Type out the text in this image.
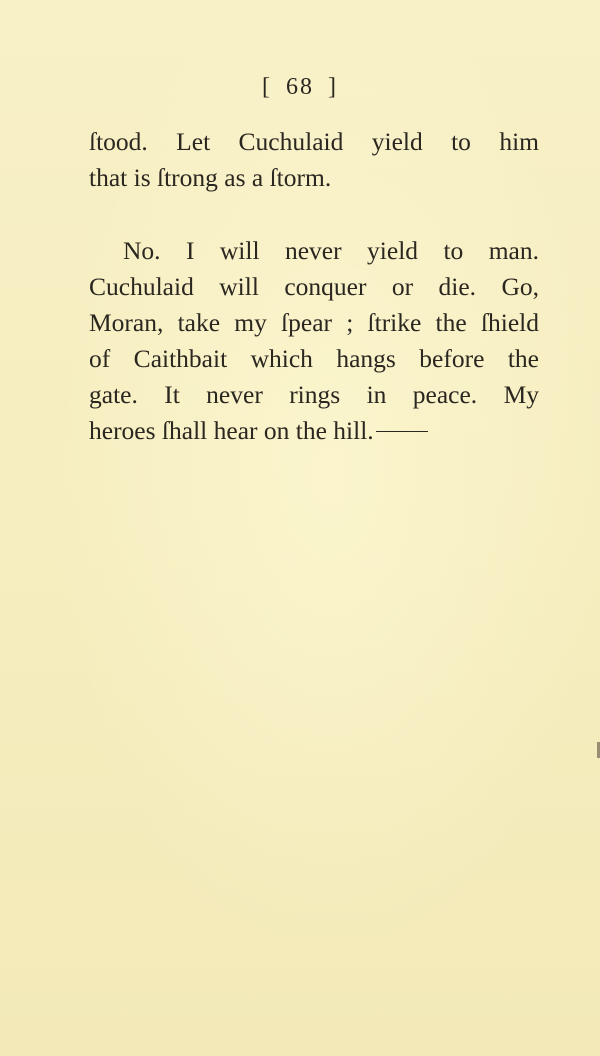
[ 68 ]
ſtood. Let Cuchulaid yield to him
that is ſtrong as a ſtorm.
No. I will never yield to man.
Cuchulaid will conquer or die. Go,
Moran, take my ſpear ; ſtrike the ſhield
of Caithbait which hangs before the
gate. It never rings in peace. My
heroes ſhall hear on the hill.
